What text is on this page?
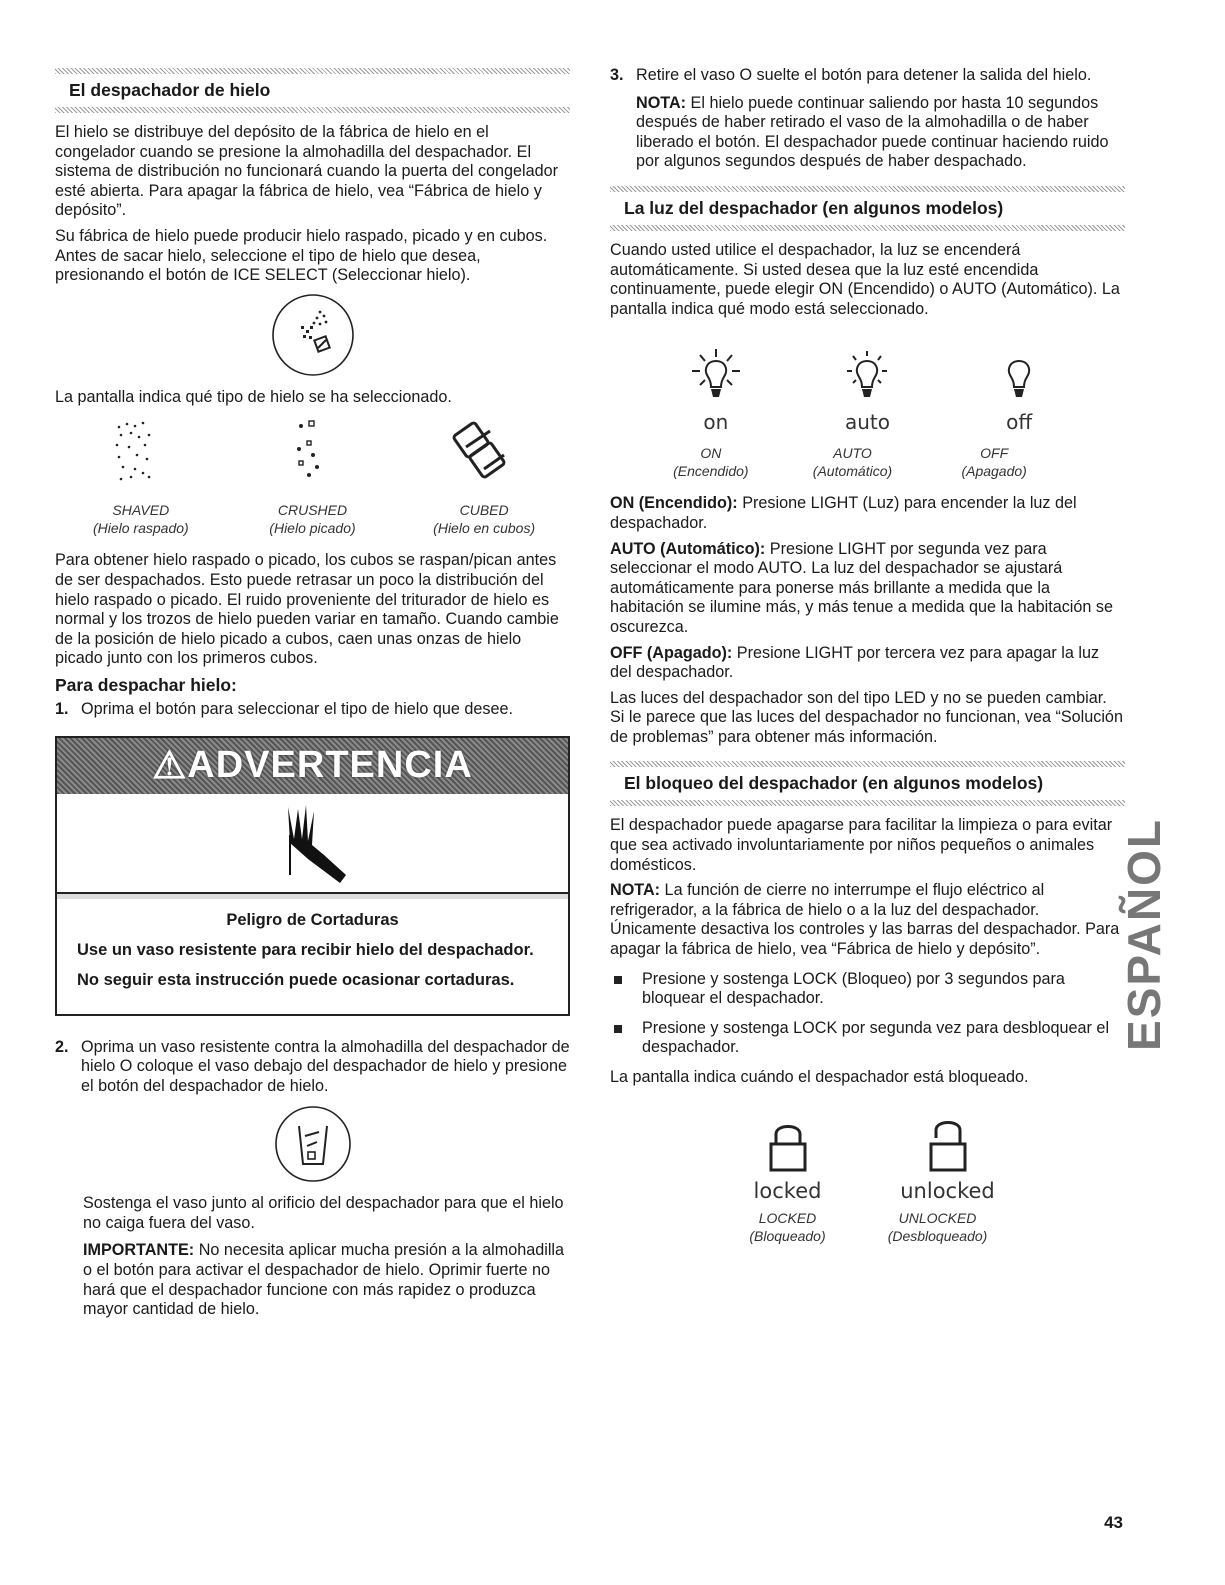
El despachador de hielo

El hielo se distribuye del depósito de la fábrica de hielo en el congelador cuando se presione la almohadilla del despachador. El sistema de distribución no funcionará cuando la puerta del congelador esté abierta. Para apagar la fábrica de hielo, vea “Fábrica de hielo y depósito”.

Su fábrica de hielo puede producir hielo raspado, picado y en cubos. Antes de sacar hielo, seleccione el tipo de hielo que desea, presionando el botón de ICE SELECT (Seleccionar hielo).

La pantalla indica qué tipo de hielo se ha seleccionado.

SHAVED
(Hielo raspado)
CRUSHED
(Hielo picado)
CUBED
(Hielo en cubos)

Para obtener hielo raspado o picado, los cubos se raspan/pican antes de ser despachados. Esto puede retrasar un poco la distribución del hielo raspado o picado. El ruido proveniente del triturador de hielo es normal y los trozos de hielo pueden variar en tamaño. Cuando cambie de la posición de hielo picado a cubos, caen unas onzas de hielo picado junto con los primeros cubos.

Para despachar hielo:
1. Oprima el botón para seleccionar el tipo de hielo que desee.
⚠ ADVERTENCIA
Peligro de Cortaduras

Use un vaso resistente para recibir hielo del despachador.

No seguir esta instrucción puede ocasionar cortaduras.

2. Oprima un vaso resistente contra la almohadilla del despachador de hielo O coloque el vaso debajo del despachador de hielo y presione el botón del despachador de hielo.

Sostenga el vaso junto al orificio del despachador para que el hielo no caiga fuera del vaso.

IMPORTANTE: No necesita aplicar mucha presión a la almohadilla o el botón para activar el despachador de hielo. Oprimir fuerte no hará que el despachador funcione con más rapidez o produzca mayor cantidad de hielo.

3. Retire el vaso O suelte el botón para detener la salida del hielo.

NOTA: El hielo puede continuar saliendo por hasta 10 segundos después de haber retirado el vaso de la almohadilla o de haber liberado el botón. El despachador puede continuar haciendo ruido por algunos segundos después de haber despachado.

La luz del despachador (en algunos modelos)

Cuando usted utilice el despachador, la luz se encenderá automáticamente. Si usted desea que la luz esté encendida continuamente, puede elegir ON (Encendido) o AUTO (Automático). La pantalla indica qué modo está seleccionado.

on	auto	off
ON
(Encendido)
AUTO
(Automático)
OFF
(Apagado)

ON (Encendido): Presione LIGHT (Luz) para encender la luz del despachador.

AUTO (Automático): Presione LIGHT por segunda vez para seleccionar el modo AUTO. La luz del despachador se ajustará automáticamente para ponerse más brillante a medida que la habitación se ilumine más, y más tenue a medida que la habitación se oscurezca.

OFF (Apagado): Presione LIGHT por tercera vez para apagar la luz del despachador.

Las luces del despachador son del tipo LED y no se pueden cambiar. Si le parece que las luces del despachador no funcionan, vea “Solución de problemas” para obtener más información.

El bloqueo del despachador (en algunos modelos)

El despachador puede apagarse para facilitar la limpieza o para evitar que sea activado involuntariamente por niños pequeños o animales domésticos.

NOTA: La función de cierre no interrumpe el flujo eléctrico al refrigerador, a la fábrica de hielo o a la luz del despachador. Únicamente desactiva los controles y las barras del despachador. Para apagar la fábrica de hielo, vea “Fábrica de hielo y depósito”.

Presione y sostenga LOCK (Bloqueo) por 3 segundos para bloquear el despachador.
Presione y sostenga LOCK por segunda vez para desbloquear el despachador.

La pantalla indica cuándo el despachador está bloqueado.

locked	unlocked
LOCKED
(Bloqueado)
UNLOCKED
(Desbloqueado)
ESPAÑOL
43
